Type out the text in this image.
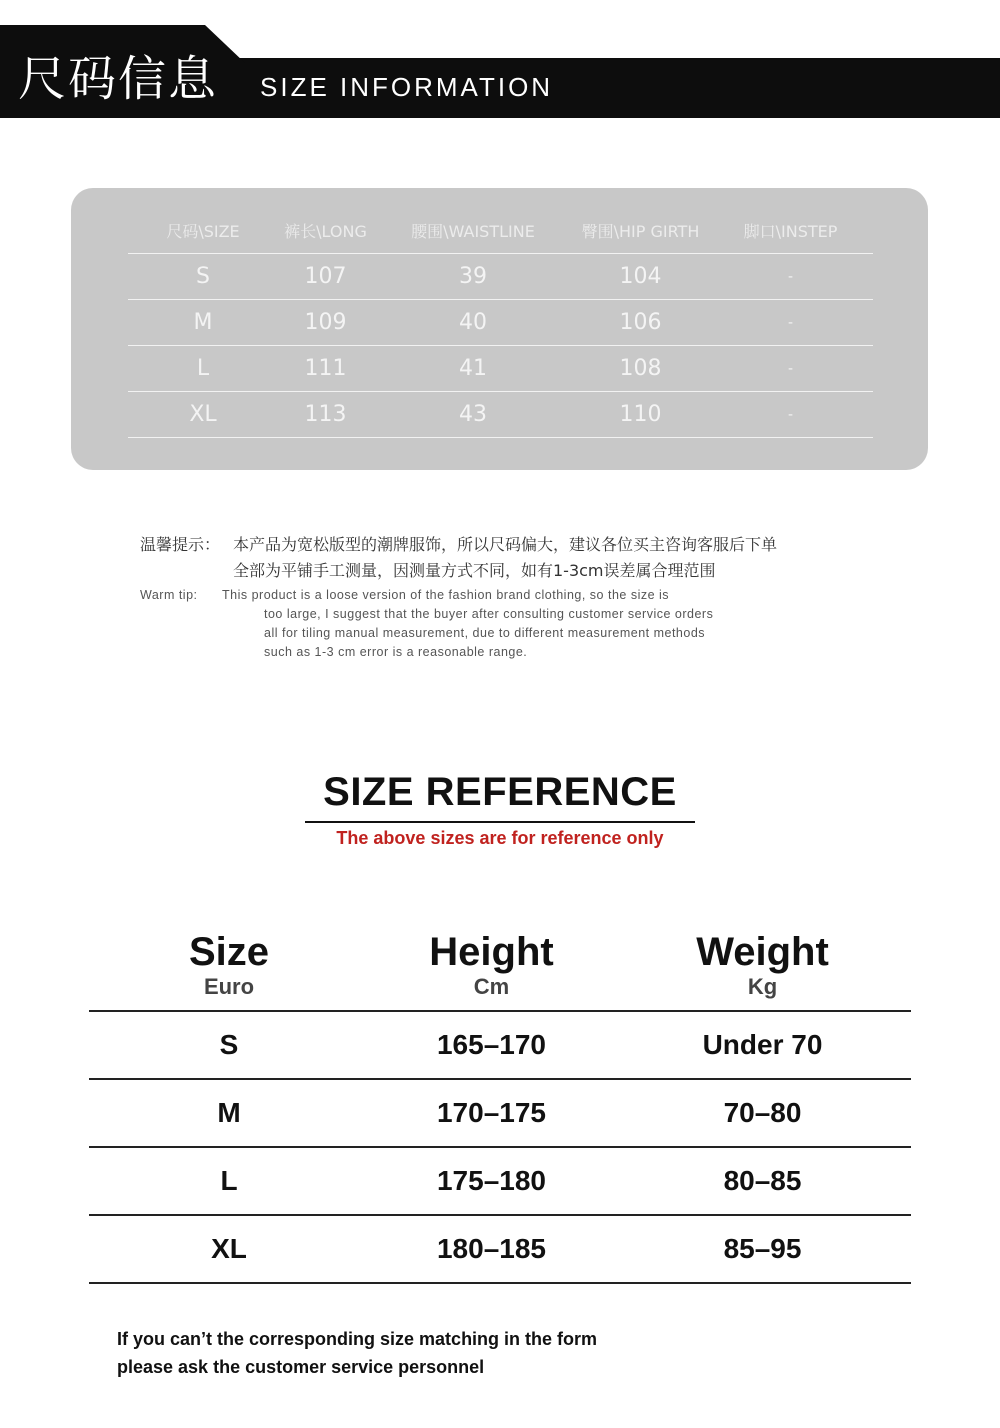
尺码信息 SIZE INFORMATION
尺码\SIZE	裤长\LONG	腰围\WAISTLINE	臀围\HIP GIRTH	脚口\INSTEP
S	107	39	104	-
M	109	40	106	-
L	111	41	108	-
XL	113	43	110	-
温馨提示： 本产品为宽松版型的潮牌服饰，所以尺码偏大，建议各位买主咨询客服后下单
全部为平铺手工测量，因测量方式不同，如有1-3cm误差属合理范围
Warm tip: This product is a loose version of the fashion brand clothing, so the size is
too large, I suggest that the buyer after consulting customer service orders
all for tiling manual measurement, due to different measurement methods
such as 1-3 cm error is a reasonable range.
SIZE REFERENCE
The above sizes are for reference only
Size
Euro
Height
Cm
Weight
Kg
S	165–170	Under 70
M	170–175	70–80
L	175–180	80–85
XL	180–185	85–95
If you can’t the corresponding size matching in the form
please ask the customer service personnel
